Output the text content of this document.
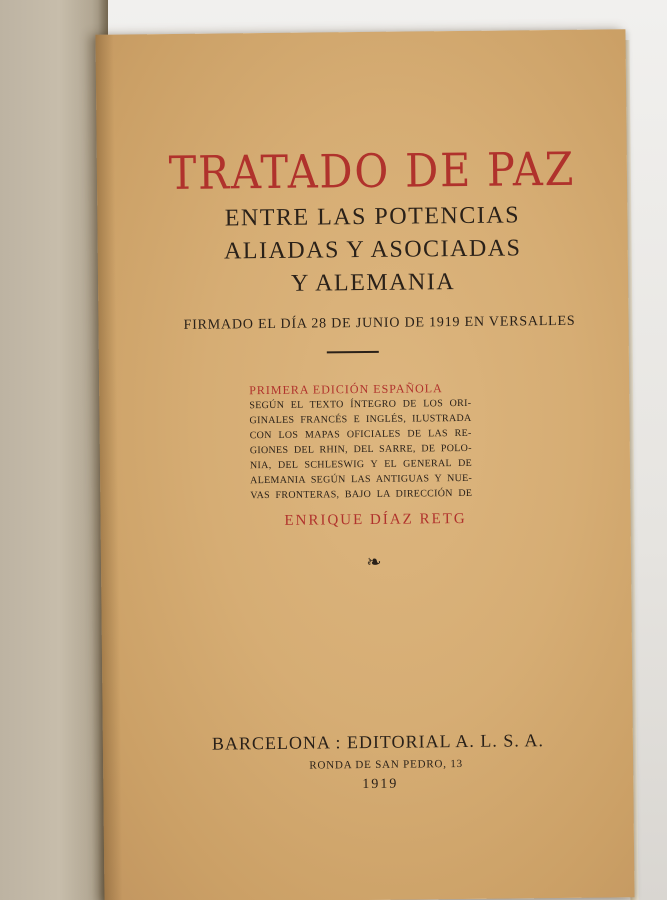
TRATADO DE PAZ
ENTRE LAS POTENCIAS
ALIADAS Y ASOCIADAS
Y ALEMANIA
FIRMADO EL DÍA 28 DE JUNIO DE 1919 EN VERSALLES
PRIMERA EDICIÓN ESPAÑOLA
SEGÚN EL TEXTO ÍNTEGRO DE LOS ORI-
GINALES FRANCÉS E INGLÉS, ILUSTRADA
CON LOS MAPAS OFICIALES DE LAS RE-
GIONES DEL RHIN, DEL SARRE, DE POLO-
NIA, DEL SCHLESWIG Y EL GENERAL DE
ALEMANIA SEGÚN LAS ANTIGUAS Y NUE-
VAS FRONTERAS, BAJO LA DIRECCIÓN DE
ENRIQUE DÍAZ RETG
❧
BARCELONA : EDITORIAL A. L. S. A.
RONDA DE SAN PEDRO, 13
1919
